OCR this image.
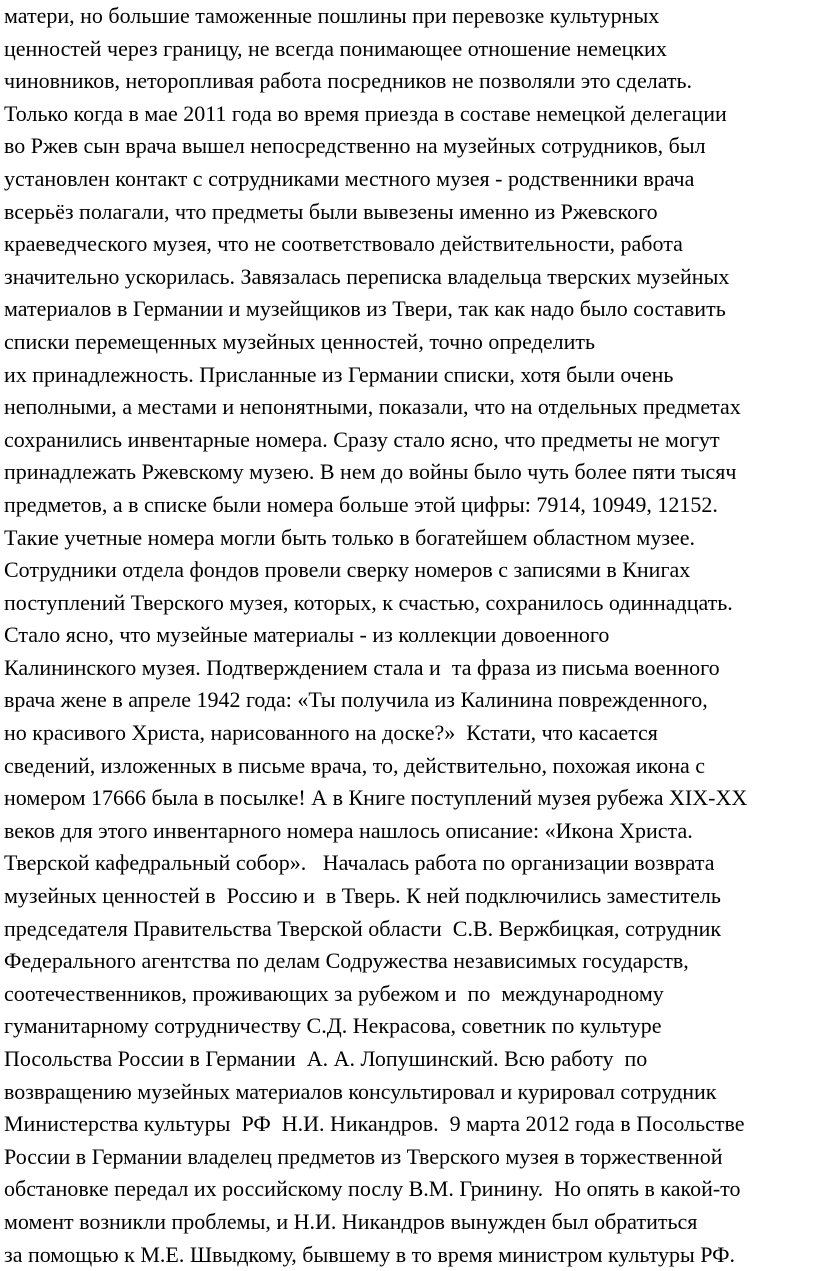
матери, но большие таможенные пошлины при перевозке культурных
ценностей через границу, не всегда понимающее отношение немецких
чиновников, неторопливая работа посредников не позволяли это сделать.
Только когда в мае 2011 года во время приезда в составе немецкой делегации
во Ржев сын врача вышел непосредственно на музейных сотрудников, был
установлен контакт с сотрудниками местного музея - родственники врача
всерьёз полагали, что предметы были вывезены именно из Ржевского
краеведческого музея, что не соответствовало действительности, работа
значительно ускорилась. Завязалась переписка владельца тверских музейных
материалов в Германии и музейщиков из Твери, так как надо было составить
списки перемещенных музейных ценностей, точно определить
их принадлежность. Присланные из Германии списки, хотя были очень
неполными, а местами и непонятными, показали, что на отдельных предметах
сохранились инвентарные номера. Сразу стало ясно, что предметы не могут
принадлежать Ржевскому музею. В нем до войны было чуть более пяти тысяч
предметов, а в списке были номера больше этой цифры: 7914, 10949, 12152.
Такие учетные номера могли быть только в богатейшем областном музее.
Сотрудники отдела фондов провели сверку номеров с записями в Книгах
поступлений Тверского музея, которых, к счастью, сохранилось одиннадцать.
Стало ясно, что музейные материалы - из коллекции довоенного
Калининского музея. Подтверждением стала и  та фраза из письма военного
врача жене в апреле 1942 года: «Ты получила из Калинина поврежденного,
но красивого Христа, нарисованного на доске?»  Кстати, что касается
сведений, изложенных в письме врача, то, действительно, похожая икона с
номером 17666 была в посылке! А в Книге поступлений музея рубежа XIX-XX
веков для этого инвентарного номера нашлось описание: «Икона Христа.
Тверской кафедральный собор».   Началась работа по организации возврата
музейных ценностей в  Россию и  в Тверь. К ней подключились заместитель
председателя Правительства Тверской области  С.В. Вержбицкая, сотрудник
Федерального агентства по делам Содружества независимых государств,
соотечественников, проживающих за рубежом и  по  международному
гуманитарному сотрудничеству С.Д. Некрасова, советник по культуре
Посольства России в Германии  А. А. Лопушинский. Всю работу  по
возвращению музейных материалов консультировал и курировал сотрудник
Министерства культуры  РФ  Н.И. Никандров.  9 марта 2012 года в Посольстве
России в Германии владелец предметов из Тверского музея в торжественной
обстановке передал их российскому послу В.М. Гринину.  Но опять в какой-то
момент возникли проблемы, и Н.И. Никандров вынужден был обратиться
за помощью к М.Е. Швыдкому, бывшему в то время министром культуры РФ.
